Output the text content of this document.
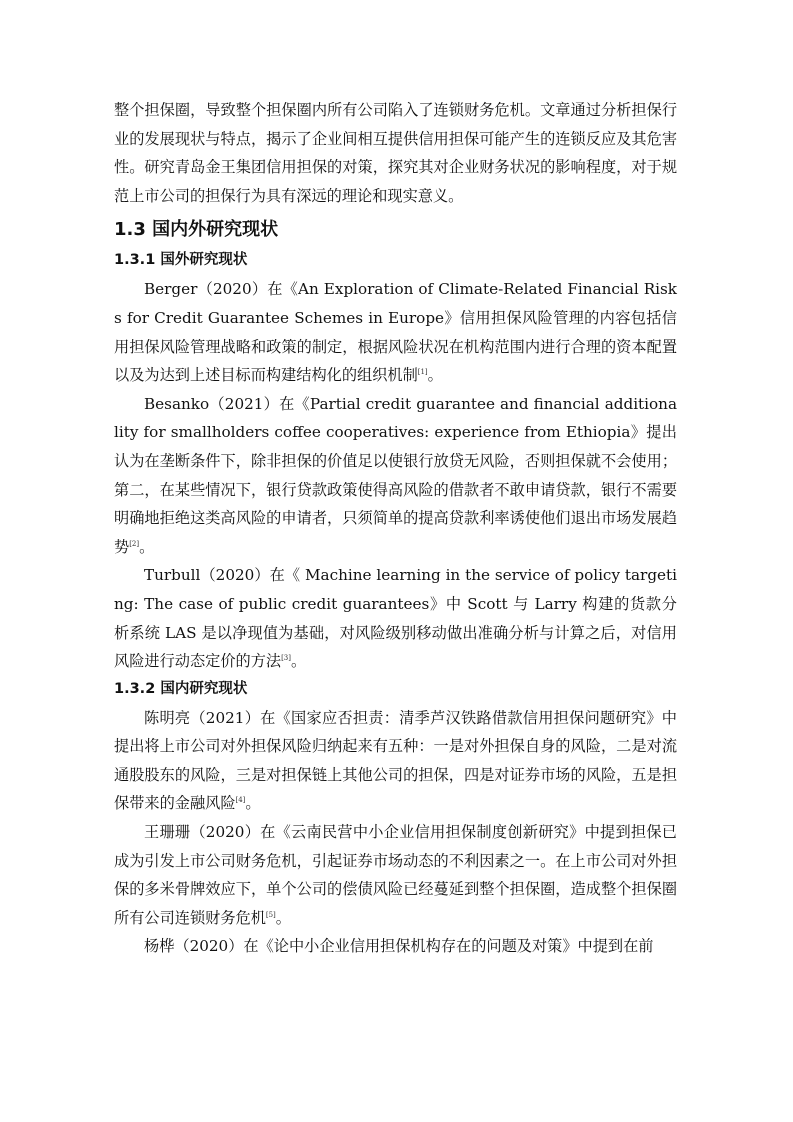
整个担保圈，导致整个担保圈内所有公司陷入了连锁财务危机。文章通过分析担保行业的发展现状与特点，揭示了企业间相互提供信用担保可能产生的连锁反应及其危害性。研究青岛金王集团信用担保的对策，探究其对企业财务状况的影响程度，对于规范上市公司的担保行为具有深远的理论和现实意义。

1.3 国内外研究现状
1.3.1 国外研究现状

Berger（2020）在《An Exploration of Climate-Related Financial Risks for Credit Guarantee Schemes in Europe》信用担保风险管理的内容包括信用担保风险管理战略和政策的制定，根据风险状况在机构范围内进行合理的资本配置以及为达到上述目标而构建结构化的组织机制[1]。

Besanko（2021）在《Partial credit guarantee and financial additionality for smallholders coffee cooperatives: experience from Ethiopia》提出认为在垄断条件下，除非担保的价值足以使银行放贷无风险，否则担保就不会使用；第二，在某些情况下，银行贷款政策使得高风险的借款者不敢申请贷款，银行不需要明确地拒绝这类高风险的申请者，只须简单的提高贷款利率诱使他们退出市场发展趋势[2]。

Turbull（2020）在《 Machine learning in the service of policy targeting: The case of public credit guarantees》中 Scott 与 Larry 构建的货款分析系统 LAS 是以净现值为基础，对风险级别移动做出准确分析与计算之后，对信用风险进行动态定价的方法[3]。

1.3.2 国内研究现状

陈明亮（2021）在《国家应否担责：清季芦汉铁路借款信用担保问题研究》中提出将上市公司对外担保风险归纳起来有五种：一是对外担保自身的风险，二是对流通股股东的风险，三是对担保链上其他公司的担保，四是对证券市场的风险，五是担保带来的金融风险[4]。

王珊珊（2020）在《云南民营中小企业信用担保制度创新研究》中提到担保已成为引发上市公司财务危机，引起证券市场动态的不利因素之一。在上市公司对外担保的多米骨牌效应下，单个公司的偿债风险已经蔓延到整个担保圈，造成整个担保圈所有公司连锁财务危机[5]。

杨桦（2020）在《论中小企业信用担保机构存在的问题及对策》中提到在前
